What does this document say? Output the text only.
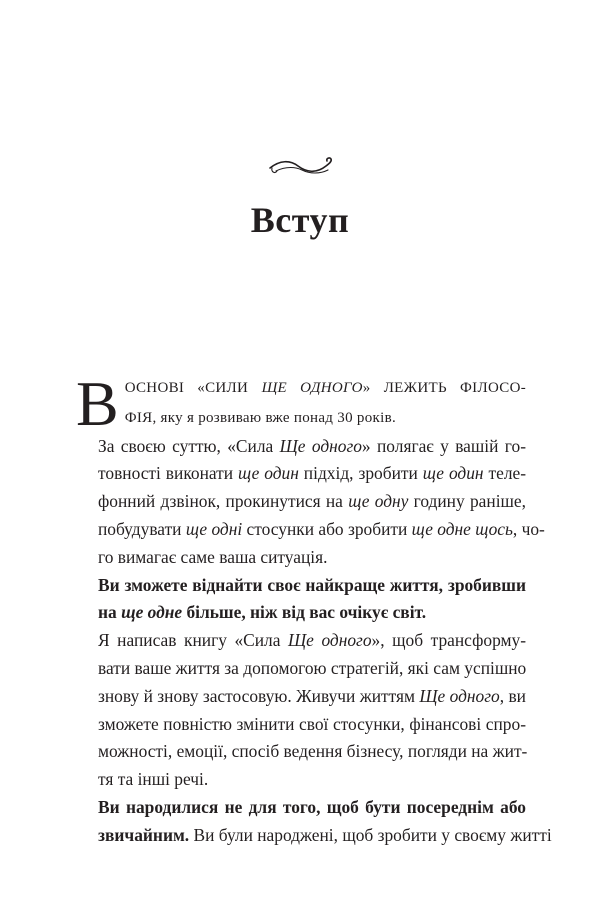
Вступ
В ОСНОВІ «СИЛИ ЩЕ ОДНОГО» ЛЕЖИТЬ ФІЛОСО-
ФІЯ, яку я розвиваю вже понад 30 років.
За своєю суттю, «Сила Ще одного» полягає у вашій го-
товності виконати ще один підхід, зробити ще один теле-
фонний дзвінок, прокинутися на ще одну годину раніше,
побудувати ще одні стосунки або зробити ще одне щось, чо-
го вимагає саме ваша ситуація.
Ви зможете віднайти своє найкраще життя, зробивши
на ще одне більше, ніж від вас очікує світ.
Я написав книгу «Сила Ще одного», щоб трансформу-
вати ваше життя за допомогою стратегій, які сам успішно
знову й знову застосовую. Живучи життям Ще одного, ви
зможете повністю змінити свої стосунки, фінансові спро-
можності, емоції, спосіб ведення бізнесу, погляди на жит-
тя та інші речі.
Ви народилися не для того, щоб бути посереднім або
звичайним. Ви були народжені, щоб зробити у своєму житті
